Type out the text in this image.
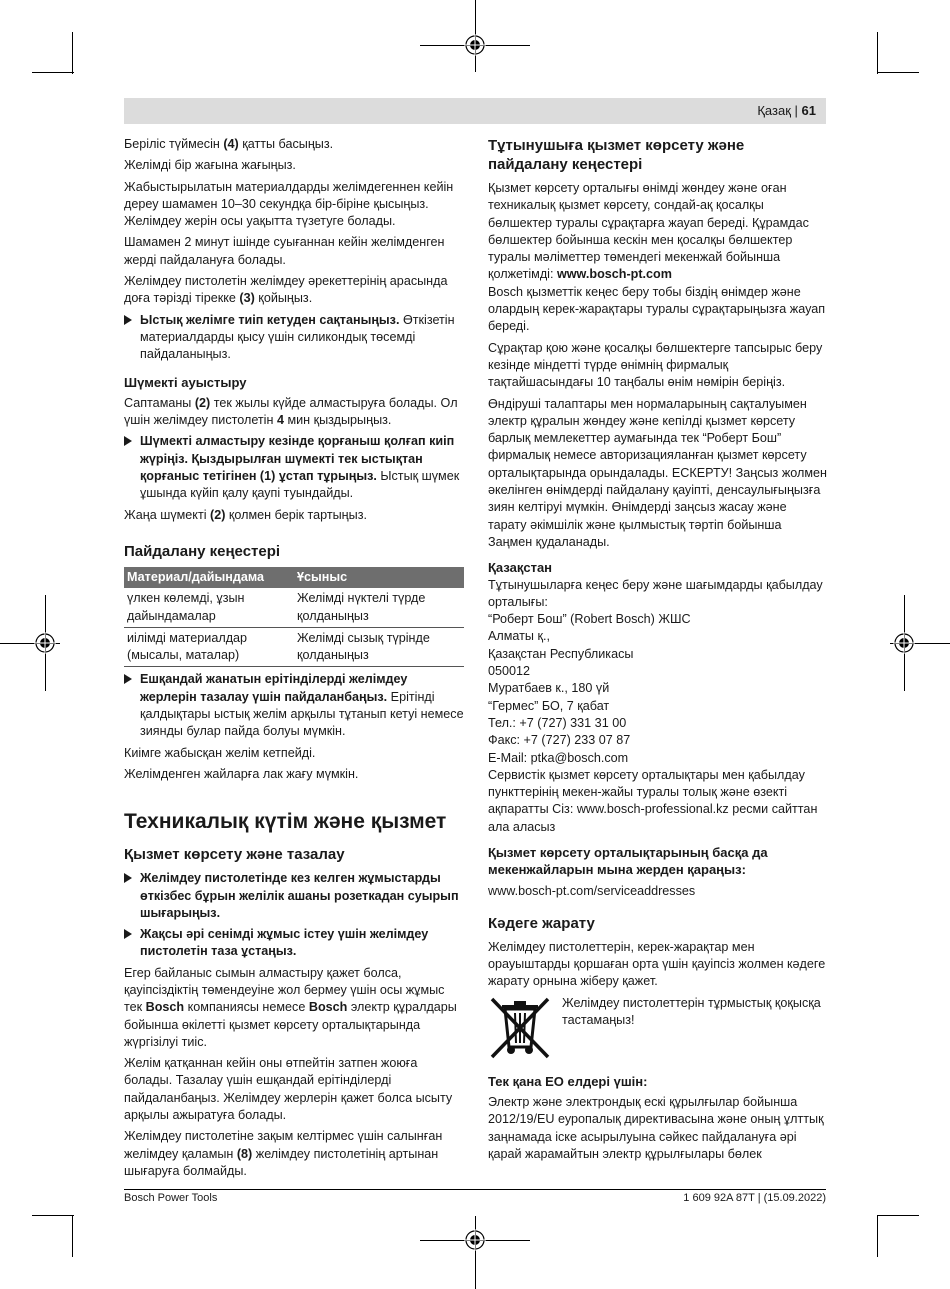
Қазақ | 61

Беріліс түймесін (4) қатты басыңыз.

Желімді бір жағына жағыңыз.

Жабыстырылатын материалдарды желімдегеннен кейін дереу шамамен 10–30 секундқа бір-біріне қысыңыз. Желімдеу жерін осы уақытта түзетуге болады.

Шамамен 2 минут ішінде суығаннан кейін желімденген жерді пайдалануға болады.

Желімдеу пистолетін желімдеу әрекеттерінің арасында доға тәрізді тірекке (3) қойыңыз.

Ыстық желімге тиіп кетуден сақтаныңыз. Өткізетін материалдарды қысу үшін силикондық төсемді пайдаланыңыз.
Шүмекті ауыстыру

Саптаманы (2) тек жылы күйде алмастыруға болады. Ол үшін желімдеу пистолетін 4 мин қыздырыңыз.

Шүмекті алмастыру кезінде қорғаныш қолғап киіп жүріңіз. Қыздырылған шүмекті тек ыстықтан қорғаныс тетігінен (1) ұстап тұрыңыз. Ыстық шүмек ұшында күйіп қалу қаупі туындайды.

Жаңа шүмекті (2) қолмен берік тартыңыз.

Пайдалану кеңестері
Материал/дайындама	Ұсыныс
үлкен көлемді, ұзын дайындамалар	Желімді нүктелі түрде қолданыңыз
иілімді материалдар (мысалы, маталар)	Желімді сызық түрінде қолданыңыз
Ешқандай жанатын ерітінділерді желімдеу жерлерін тазалау үшін пайдаланбаңыз. Ерітінді қалдықтары ыстық желім арқылы тұтанып кетуі немесе зиянды булар пайда болуы мүмкін.

Киімге жабысқан желім кетпейді.

Желімденген жайларға лак жағу мүмкін.

Техникалық күтім және қызмет
Қызмет көрсету және тазалау
Желімдеу пистолетінде кез келген жұмыстарды өткізбес бұрын желілік ашаны розеткадан суырып шығарыңыз.
Жақсы әрі сенімді жұмыс істеу үшін желімдеу пистолетін таза ұстаңыз.

Егер байланыс сымын алмастыру қажет болса, қауіпсіздіктің төмендеуіне жол бермеу үшін осы жұмыс тек Bosch компаниясы немесе Bosch электр құралдары бойынша өкілетті қызмет көрсету орталықтарында жүргізілуі тиіс.

Желім қатқаннан кейін оны өтпейтін затпен жоюға болады. Тазалау үшін ешқандай ерітінділерді пайдаланбаңыз. Желімдеу жерлерін қажет болса ысыту арқылы ажыратуға болады.

Желімдеу пистолетіне зақым келтірмес үшін салынған желімдеу қаламын (8) желімдеу пистолетінің артынан шығаруға болмайды.

Тұтынушыға қызмет көрсету және пайдалану кеңестері

Қызмет көрсету орталығы өнімді жөндеу және оған техникалық қызмет көрсету, сондай-ақ қосалқы бөлшектер туралы сұрақтарға жауап береді. Құрамдас бөлшектер бойынша кескін мен қосалқы бөлшектер туралы мәліметтер төмендегі мекенжай бойынша қолжетімді: www.bosch-pt.com

Bosch қызметтік кеңес беру тобы біздің өнімдер және олардың керек-жарақтары туралы сұрақтарыңызға жауап береді.

Сұрақтар қою және қосалқы бөлшектерге тапсырыс беру кезінде міндетті түрде өнімнің фирмалық тақтайшасындағы 10 таңбалы өнім нөмірін беріңіз.

Өндіруші талаптары мен нормаларының сақталуымен электр құралын жөндеу және кепілді қызмет көрсету барлық мемлекеттер аумағында тек “Роберт Бош” фирмалық немесе авторизацияланған қызмет көрсету орталықтарында орындалады. ЕСКЕРТУ! Заңсыз жолмен әкелінген өнімдерді пайдалану қауіпті, денсаулығыңызға зиян келтіруі мүмкін. Өнімдерді заңсыз жасау және тарату әкімшілік және қылмыстық тәртіп бойынша Заңмен қудаланады.

Қазақстан
Тұтынушыларға кеңес беру және шағымдарды қабылдау орталығы:
“Роберт Бош” (Robert Bosch) ЖШС
Алматы қ.,
Қазақстан Республикасы
050012
Муратбаев к., 180 үй
“Гермес” БО, 7 қабат
Тел.: +7 (727) 331 31 00
Факс: +7 (727) 233 07 87
E-Mail: ptka@bosch.com
Сервистік қызмет көрсету орталықтары мен қабылдау пункттерінің мекен-жайы туралы толық және өзекті ақпаратты Сіз: www.bosch-professional.kz ресми сайттан ала аласыз
Қызмет көрсету орталықтарының басқа да мекенжайларын мына жерден қараңыз:

www.bosch-pt.com/serviceaddresses

Кәдеге жарату

Желімдеу пистолеттерін, керек-жарақтар мен орауыштарды қоршаған орта үшін қауіпсіз жолмен кәдеге жарату орнына жіберу қажет.

Желімдеу пистолеттерін тұрмыстық қоқысқа тастамаңыз!
Тек қана ЕО елдері үшін:

Электр және электрондық ескі құрылғылар бойынша 2012/19/EU еуропалық директивасына және оның ұлттық заңнамада іске асырылуына сәйкес пайдалануға әрі қарай жарамайтын электр құрылғылары бөлек

Bosch Power Tools	1 609 92A 87T | (15.09.2022)
